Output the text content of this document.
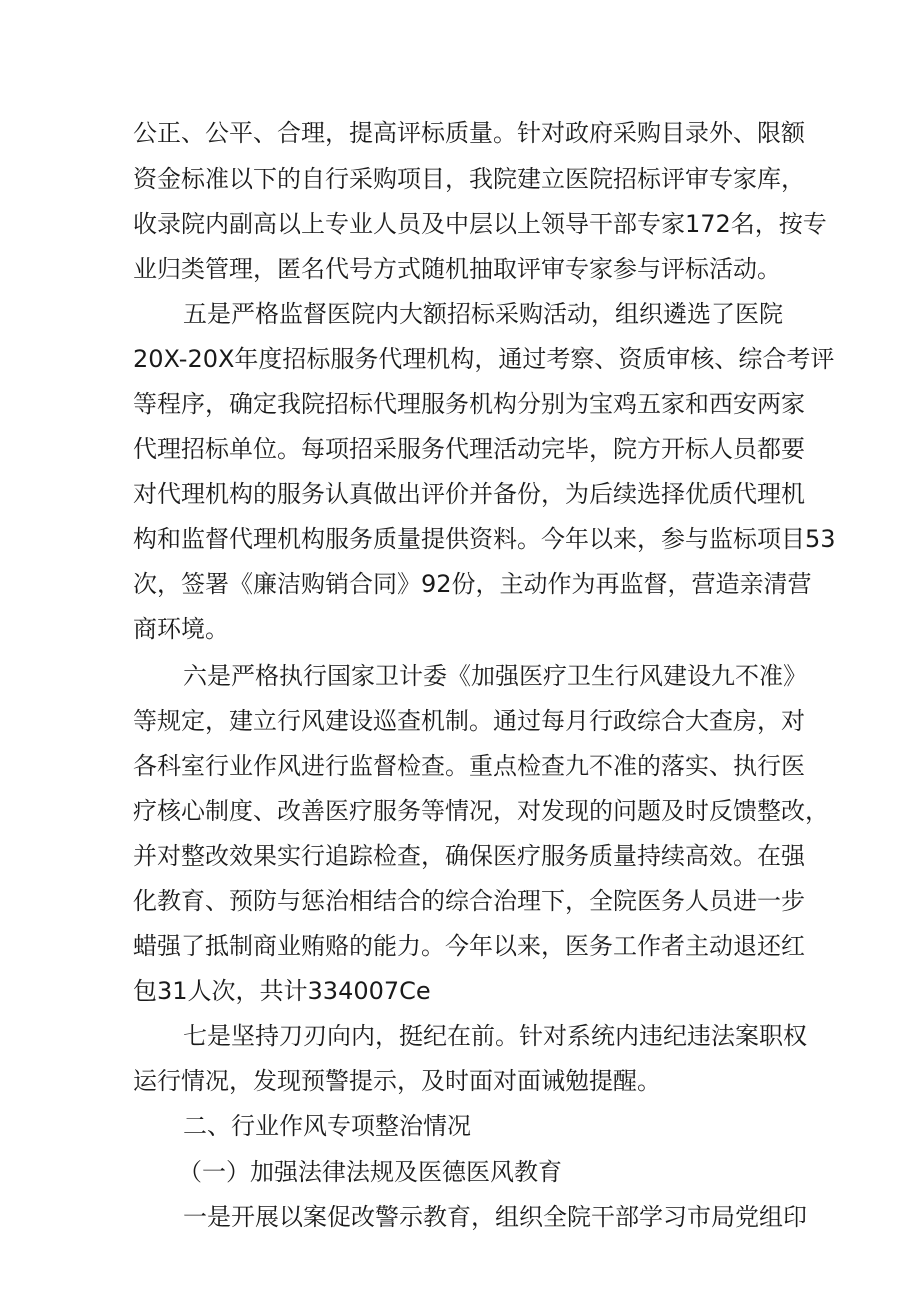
公正、公平、合理，提高评标质量。针对政府采购目录外、限额
资金标准以下的自行采购项目，我院建立医院招标评审专家库，
收录院内副高以上专业人员及中层以上领导干部专家172名，按专
业归类管理，匿名代号方式随机抽取评审专家参与评标活动。
五是严格监督医院内大额招标采购活动，组织遴选了医院
20X-20X年度招标服务代理机构，通过考察、资质审核、综合考评
等程序，确定我院招标代理服务机构分别为宝鸡五家和西安两家
代理招标单位。每项招采服务代理活动完毕，院方开标人员都要
对代理机构的服务认真做出评价并备份，为后续选择优质代理机
构和监督代理机构服务质量提供资料。今年以来，参与监标项目53
次，签署《廉洁购销合同》92份，主动作为再监督，营造亲清营
商环境。
六是严格执行国家卫计委《加强医疗卫生行风建设九不准》
等规定，建立行风建设巡查机制。通过每月行政综合大查房，对
各科室行业作风进行监督检查。重点检查九不准的落实、执行医
疗核心制度、改善医疗服务等情况，对发现的问题及时反馈整改，
并对整改效果实行追踪检查，确保医疗服务质量持续高效。在强
化教育、预防与惩治相结合的综合治理下，全院医务人员进一步
蜡强了抵制商业贿赂的能力。今年以来，医务工作者主动退还红
包31人次，共计334007Ce
七是坚持刀刃向内，挺纪在前。针对系统内违纪违法案职权
运行情况，发现预警提示，及时面对面诫勉提醒。
二、行业作风专项整治情况
（一）加强法律法规及医德医风教育
一是开展以案促改警示教育，组织全院干部学习市局党组印
